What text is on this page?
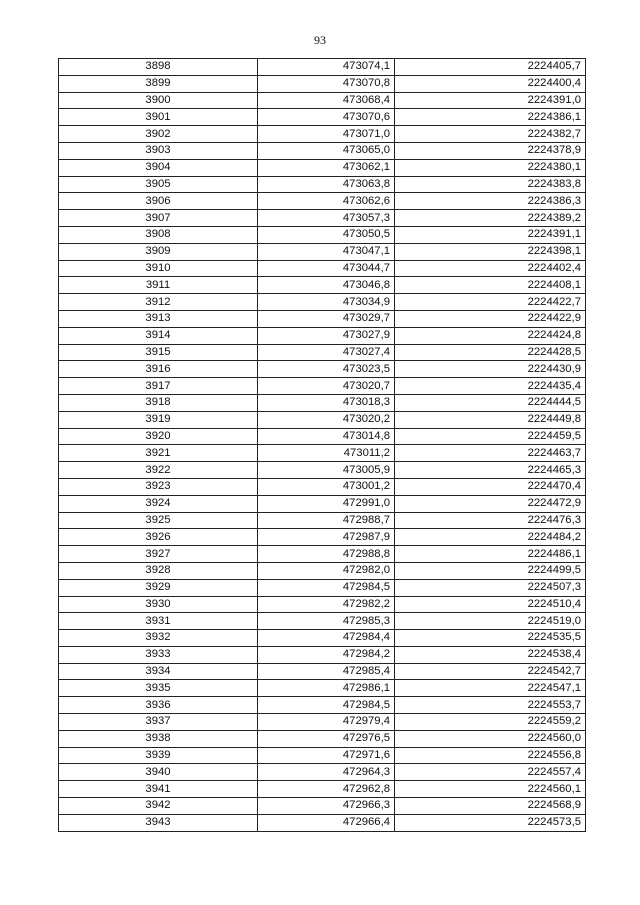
93
3898	473074,1	2224405,7
3899	473070,8	2224400,4
3900	473068,4	2224391,0
3901	473070,6	2224386,1
3902	473071,0	2224382,7
3903	473065,0	2224378,9
3904	473062,1	2224380,1
3905	473063,8	2224383,8
3906	473062,6	2224386,3
3907	473057,3	2224389,2
3908	473050,5	2224391,1
3909	473047,1	2224398,1
3910	473044,7	2224402,4
3911	473046,8	2224408,1
3912	473034,9	2224422,7
3913	473029,7	2224422,9
3914	473027,9	2224424,8
3915	473027,4	2224428,5
3916	473023,5	2224430,9
3917	473020,7	2224435,4
3918	473018,3	2224444,5
3919	473020,2	2224449,8
3920	473014,8	2224459,5
3921	473011,2	2224463,7
3922	473005,9	2224465,3
3923	473001,2	2224470,4
3924	472991,0	2224472,9
3925	472988,7	2224476,3
3926	472987,9	2224484,2
3927	472988,8	2224486,1
3928	472982,0	2224499,5
3929	472984,5	2224507,3
3930	472982,2	2224510,4
3931	472985,3	2224519,0
3932	472984,4	2224535,5
3933	472984,2	2224538,4
3934	472985,4	2224542,7
3935	472986,1	2224547,1
3936	472984,5	2224553,7
3937	472979,4	2224559,2
3938	472976,5	2224560,0
3939	472971,6	2224556,8
3940	472964,3	2224557,4
3941	472962,8	2224560,1
3942	472966,3	2224568,9
3943	472966,4	2224573,5
